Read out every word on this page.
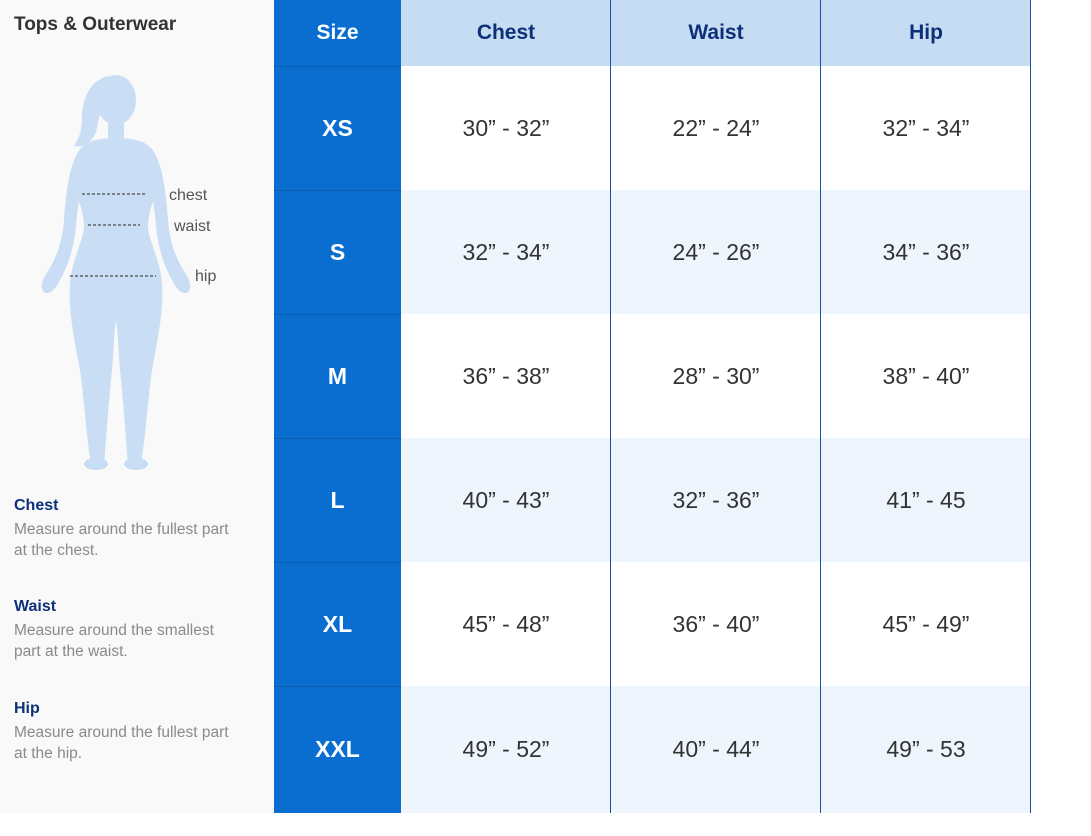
Tops & Outerwear
chest
waist
hip
Chest

Measure around the fullest part at the chest.

Waist

Measure around the smallest part at the waist.

Hip

Measure around the fullest part at the hip.

Size	Chest	Waist	Hip
XS	30” - 32”	22” - 24”	32” - 34”
S	32” - 34”	24” - 26”	34” - 36”
M	36” - 38”	28” - 30”	38” - 40”
L	40” - 43”	32” - 36”	41” - 45
XL	45” - 48”	36” - 40”	45” - 49”
XXL	49” - 52”	40” - 44”	49” - 53
